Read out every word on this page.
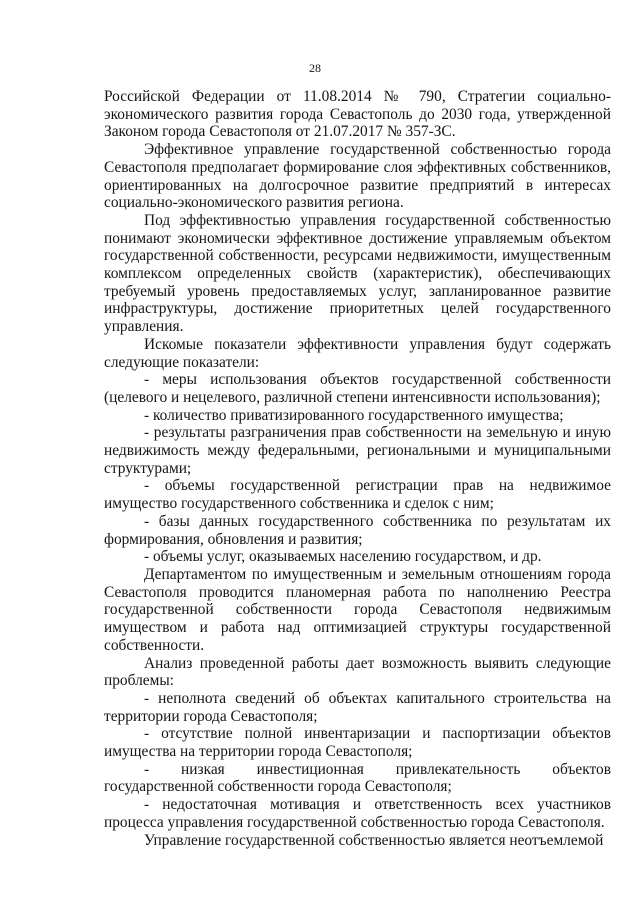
28

Российской Федерации от 11.08.2014 № 790, Стратегии социально-экономического развития города Севастополь до 2030 года, утвержденной Законом города Севастополя от 21.07.2017 № 357-ЗС.

Эффективное управление государственной собственностью города Севастополя предполагает формирование слоя эффективных собственников, ориентированных на долгосрочное развитие предприятий в интересах социально-экономического развития региона.

Под эффективностью управления государственной собственностью понимают экономически эффективное достижение управляемым объектом государственной собственности, ресурсами недвижимости, имущественным комплексом определенных свойств (характеристик), обеспечивающих требуемый уровень предоставляемых услуг, запланированное развитие инфраструктуры, достижение приоритетных целей государственного управления.

Искомые показатели эффективности управления будут содержать следующие показатели:

- меры использования объектов государственной собственности (целевого и нецелевого, различной степени интенсивности использования);

- количество приватизированного государственного имущества;

- результаты разграничения прав собственности на земельную и иную недвижимость между федеральными, региональными и муниципальными структурами;

- объемы государственной регистрации прав на недвижимое имущество государственного собственника и сделок с ним;

- базы данных государственного собственника по результатам их формирования, обновления и развития;

- объемы услуг, оказываемых населению государством, и др.

Департаментом по имущественным и земельным отношениям города Севастополя проводится планомерная работа по наполнению Реестра государственной собственности города Севастополя недвижимым имуществом и работа над оптимизацией структуры государственной собственности.

Анализ проведенной работы дает возможность выявить следующие проблемы:

- неполнота сведений об объектах капитального строительства на территории города Севастополя;

- отсутствие полной инвентаризации и паспортизации объектов имущества на территории города Севастополя;

- низкая инвестиционная привлекательность объектов государственной собственности города Севастополя;

- недостаточная мотивация и ответственность всех участников процесса управления государственной собственностью города Севастополя.

Управление государственной собственностью является неотъемлемой
